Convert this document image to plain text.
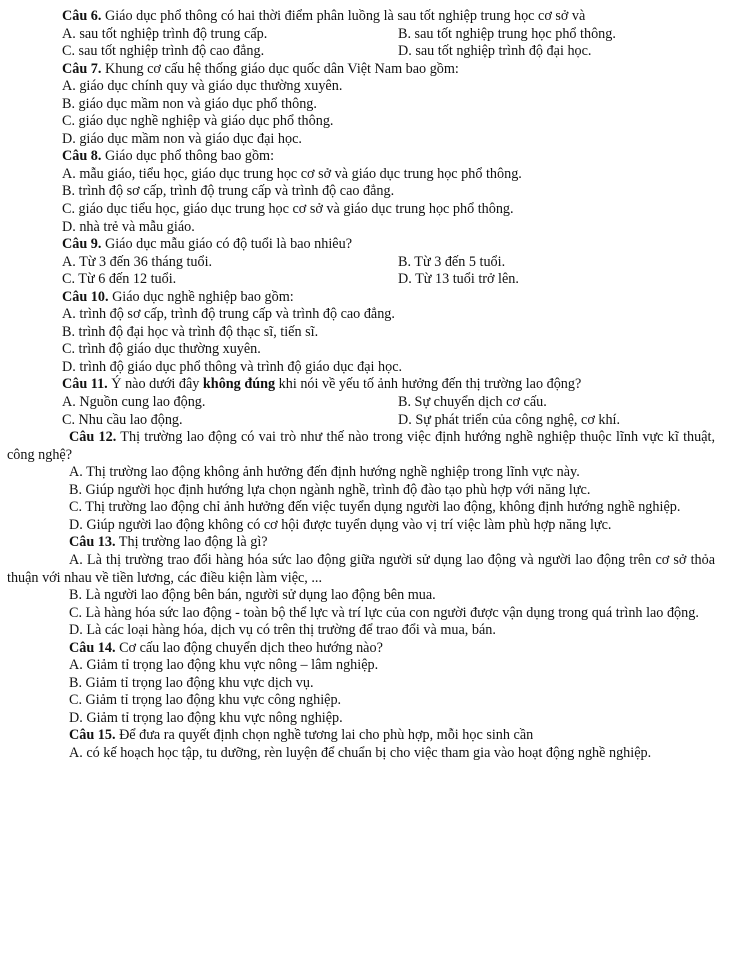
Câu 6. Giáo dục phổ thông có hai thời điểm phân luồng là sau tốt nghiệp trung học cơ sở và
A. sau tốt nghiệp trình độ trung cấp.	B. sau tốt nghiệp trung học phổ thông.
C. sau tốt nghiệp trình độ cao đẳng.	D. sau tốt nghiệp trình độ đại học.
Câu 7. Khung cơ cấu hệ thống giáo dục quốc dân Việt Nam bao gồm:
A. giáo dục chính quy và giáo dục thường xuyên.
B. giáo dục mầm non và giáo dục phổ thông.
C. giáo dục nghề nghiệp và giáo dục phổ thông.
D. giáo dục mầm non và giáo dục đại học.
Câu 8. Giáo dục phổ thông bao gồm:
A. mẫu giáo, tiểu học, giáo dục trung học cơ sở và giáo dục trung học phổ thông.
B. trình độ sơ cấp, trình độ trung cấp và trình độ cao đẳng.
C. giáo dục tiểu học, giáo dục trung học cơ sở và giáo dục trung học phổ thông.
D. nhà trẻ và mẫu giáo.
Câu 9. Giáo dục mẫu giáo có độ tuổi là bao nhiêu?
A. Từ 3 đến 36 tháng tuổi.	B. Từ 3 đến 5 tuổi.
C. Từ 6 đến 12 tuổi.	D. Từ 13 tuổi trở lên.
Câu 10. Giáo dục nghề nghiệp bao gồm:
A. trình độ sơ cấp, trình độ trung cấp và trình độ cao đẳng.
B. trình độ đại học và trình độ thạc sĩ, tiến sĩ.
C. trình độ giáo dục thường xuyên.
D. trình độ giáo dục phổ thông và trình độ giáo dục đại học.
Câu 11. Ý nào dưới đây không đúng khi nói về yếu tố ảnh hưởng đến thị trường lao động?
A. Nguồn cung lao động.	B. Sự chuyển dịch cơ cấu.
C. Nhu cầu lao động.	D. Sự phát triển của công nghệ, cơ khí.
Câu 12. Thị trường lao động có vai trò như thế nào trong việc định hướng nghề nghiệp thuộc lĩnh vực kĩ thuật, công nghệ?
A. Thị trường lao động không ảnh hưởng đến định hướng nghề nghiệp trong lĩnh vực này.
B. Giúp người học định hướng lựa chọn ngành nghề, trình độ đào tạo phù hợp với năng lực.
C. Thị trường lao động chỉ ảnh hưởng đến việc tuyển dụng người lao động, không định hướng nghề nghiệp.
D. Giúp người lao động không có cơ hội được tuyển dụng vào vị trí việc làm phù hợp năng lực.
Câu 13. Thị trường lao động là gì?
A. Là thị trường trao đổi hàng hóa sức lao động giữa người sử dụng lao động và người lao động trên cơ sở thỏa thuận với nhau về tiền lương, các điều kiện làm việc, ...
B. Là người lao động bên bán, người sử dụng lao động bên mua.
C. Là hàng hóa sức lao động - toàn bộ thể lực và trí lực của con người được vận dụng trong quá trình lao động.
D. Là các loại hàng hóa, dịch vụ có trên thị trường để trao đổi và mua, bán.
Câu 14. Cơ cấu lao động chuyển dịch theo hướng nào?
A. Giảm tỉ trọng lao động khu vực nông – lâm nghiệp.
B. Giảm tỉ trọng lao động khu vực dịch vụ.
C. Giảm tỉ trọng lao động khu vực công nghiệp.
D. Giảm tỉ trọng lao động khu vực nông nghiệp.
Câu 15. Để đưa ra quyết định chọn nghề tương lai cho phù hợp, mỗi học sinh cần
A. có kế hoạch học tập, tu dưỡng, rèn luyện để chuẩn bị cho việc tham gia vào hoạt động nghề nghiệp.
